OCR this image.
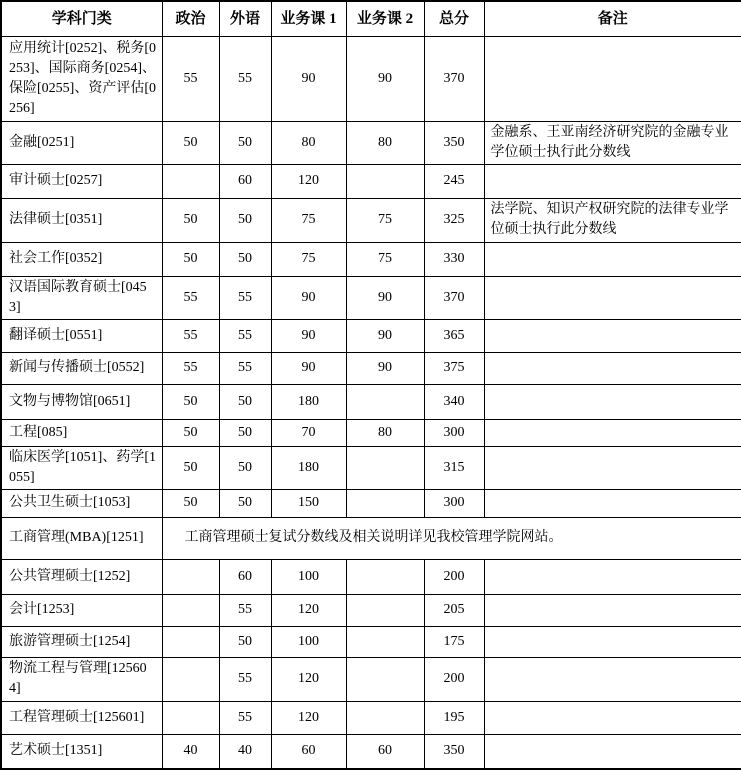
学科门类	政治	外语	业务课 1	业务课 2	总分	备注
应用统计[0252]、税务[0253]、国际商务[0254]、保险[0255]、资产评估[0256]	55	55	90	90	370	
金融[0251]	50	50	80	80	350	金融系、王亚南经济研究院的金融专业学位硕士执行此分数线
审计硕士[0257]		60	120		245	
法律硕士[0351]	50	50	75	75	325	法学院、知识产权研究院的法律专业学位硕士执行此分数线
社会工作[0352]	50	50	75	75	330	
汉语国际教育硕士[0453]	55	55	90	90	370	
翻译硕士[0551]	55	55	90	90	365	
新闻与传播硕士[0552]	55	55	90	90	375	
文物与博物馆[0651]	50	50	180		340	
工程[085]	50	50	70	80	300	
临床医学[1051]、药学[1055]	50	50	180		315	
公共卫生硕士[1053]	50	50	150		300	
工商管理(MBA)[1251]	工商管理硕士复试分数线及相关说明详见我校管理学院网站。					
公共管理硕士[1252]		60	100		200	
会计[1253]		55	120		205	
旅游管理硕士[1254]		50	100		175	
物流工程与管理[125604]		55	120		200	
工程管理硕士[125601]		55	120		195	
艺术硕士[1351]	40	40	60	60	350	
